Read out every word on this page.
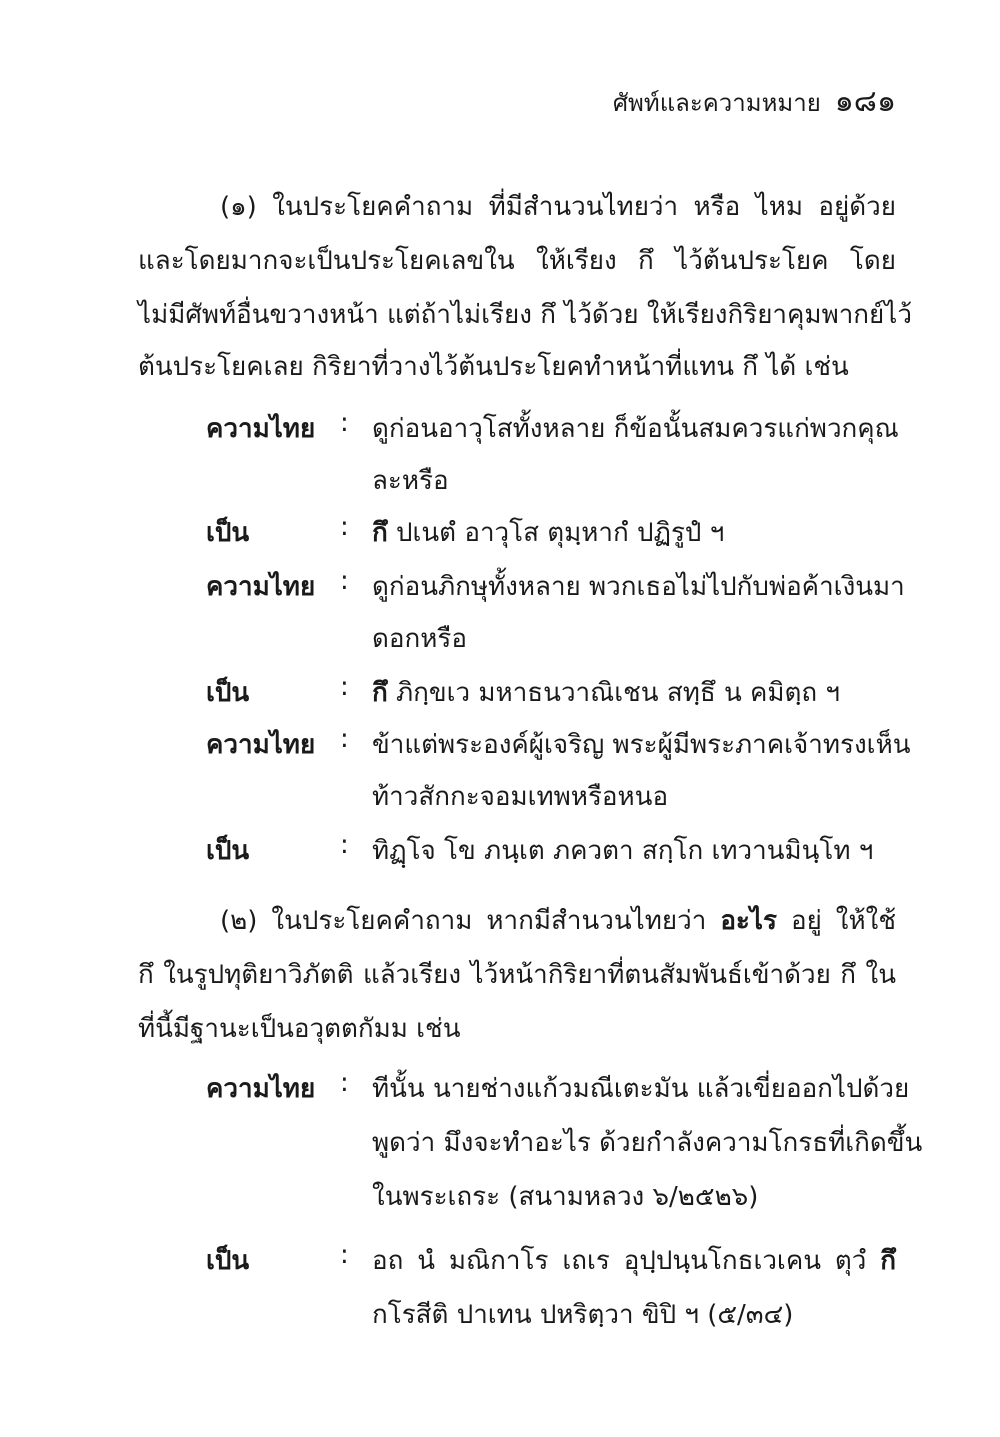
ศัพท์และความหมาย ๑๘๑
(๑) ในประโยคคำถาม ที่มีสำนวนไทยว่า หรือ ไหม อยู่ด้วย
และโดยมากจะเป็นประโยคเลขใน ให้เรียง กึ ไว้ต้นประโยค โดย
ไม่มีศัพท์อื่นขวางหน้า แต่ถ้าไม่เรียง กึ ไว้ด้วย ให้เรียงกิริยาคุมพากย์ไว้
ต้นประโยคเลย กิริยาที่วางไว้ต้นประโยคทำหน้าที่แทน กึ ได้ เช่น
ความไทย : ดูก่อนอาวุโสทั้งหลาย ก็ข้อนั้นสมควรแก่พวกคุณ
ละหรือ
เป็น	: กึ ปเนตํ อาวุโส ตุมฺหากํ ปฏิรูปํ ฯ
ความไทย : ดูก่อนภิกษุทั้งหลาย พวกเธอไม่ไปกับพ่อค้าเงินมา
ดอกหรือ
เป็น	: กึ ภิกฺขเว มหาธนวาณิเชน สทฺธึ น คมิตฺถ ฯ
ความไทย : ข้าแต่พระองค์ผู้เจริญ พระผู้มีพระภาคเจ้าทรงเห็น
ท้าวสักกะจอมเทพหรือหนอ
เป็น	: ทิฏฺโจ โข ภนฺเต ภควตา สกฺโก เทวานมินฺโท ฯ
(๒) ในประโยคคำถาม หากมีสำนวนไทยว่า อะไร อยู่ ให้ใช้
กึ ในรูปทุติยาวิภัตติ แล้วเรียง ไว้หน้ากิริยาที่ตนสัมพันธ์เข้าด้วย กึ ใน
ที่นี้มีฐานะเป็นอวุตตกัมม เช่น
ความไทย : ทีนั้น นายช่างแก้วมณีเตะมัน แล้วเขี่ยออกไปด้วย
พูดว่า มึงจะทำอะไร ด้วยกำลังความโกรธที่เกิดขึ้น
ในพระเถระ (สนามหลวง ๖/๒๕๒๖)
เป็น	: อถ นํ มณิกาโร เถเร อุปฺปนฺนโกธเวเคน ตุวํ กึ
กโรสีติ ปาเทน ปหริตฺวา ขิปิ ฯ (๕/๓๔)
